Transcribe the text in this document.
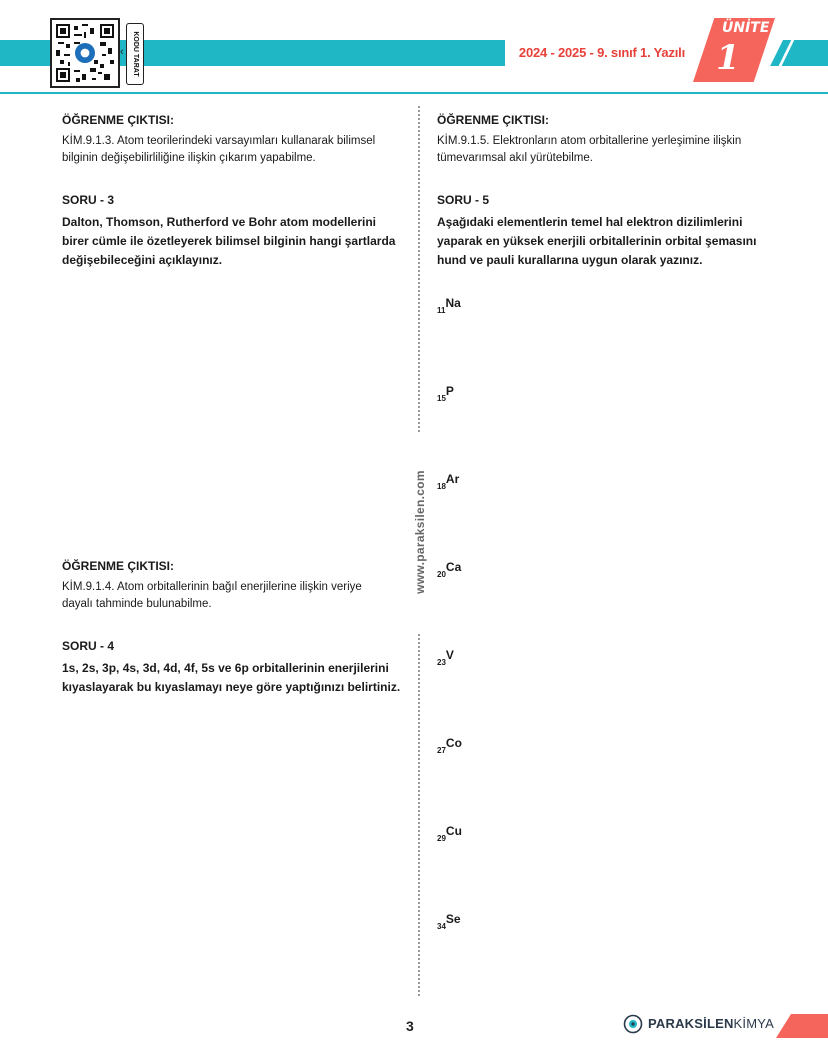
2024 - 2025 - 9. sınıf 1. Yazılı
ÜNİTE
1
‹	KODU TARAT
ÖĞRENME ÇIKTISI:
KİM.9.1.3. Atom teorilerindeki varsayımları kullanarak bilimsel
bilginin değişebilirliliğine ilişkin çıkarım yapabilme.
SORU - 3
Dalton, Thomson, Rutherford ve Bohr atom modellerini
birer cümle ile özetleyerek bilimsel bilginin hangi şartlarda
değişebileceğini açıklayınız.
ÖĞRENME ÇIKTISI:
KİM.9.1.4. Atom orbitallerinin bağıl enerjilerine ilişkin veriye
dayalı tahminde bulunabilme.
SORU - 4
1s, 2s, 3p, 4s, 3d, 4d, 4f, 5s ve 6p orbitallerinin enerjilerini
kıyaslayarak bu kıyaslamayı neye göre yaptığınızı belirtiniz.
www.paraksilen.com
ÖĞRENME ÇIKTISI:
KİM.9.1.5. Elektronların atom orbitallerine yerleşimine ilişkin
tümevarımsal akıl yürütebilme.
SORU - 5
Aşağıdaki elementlerin temel hal elektron dizilimlerini
yaparak en yüksek enerjili orbitallerinin orbital şemasını
hund ve pauli kurallarına uygun olarak yazınız.
$_{11}$Na
$_{15}$P
$_{18}$Ar
$_{20}$Ca
$_{23}$V
$_{27}$Co
$_{29}$Cu
$_{34}$Se
3	PARAKSİLENKİMYA
